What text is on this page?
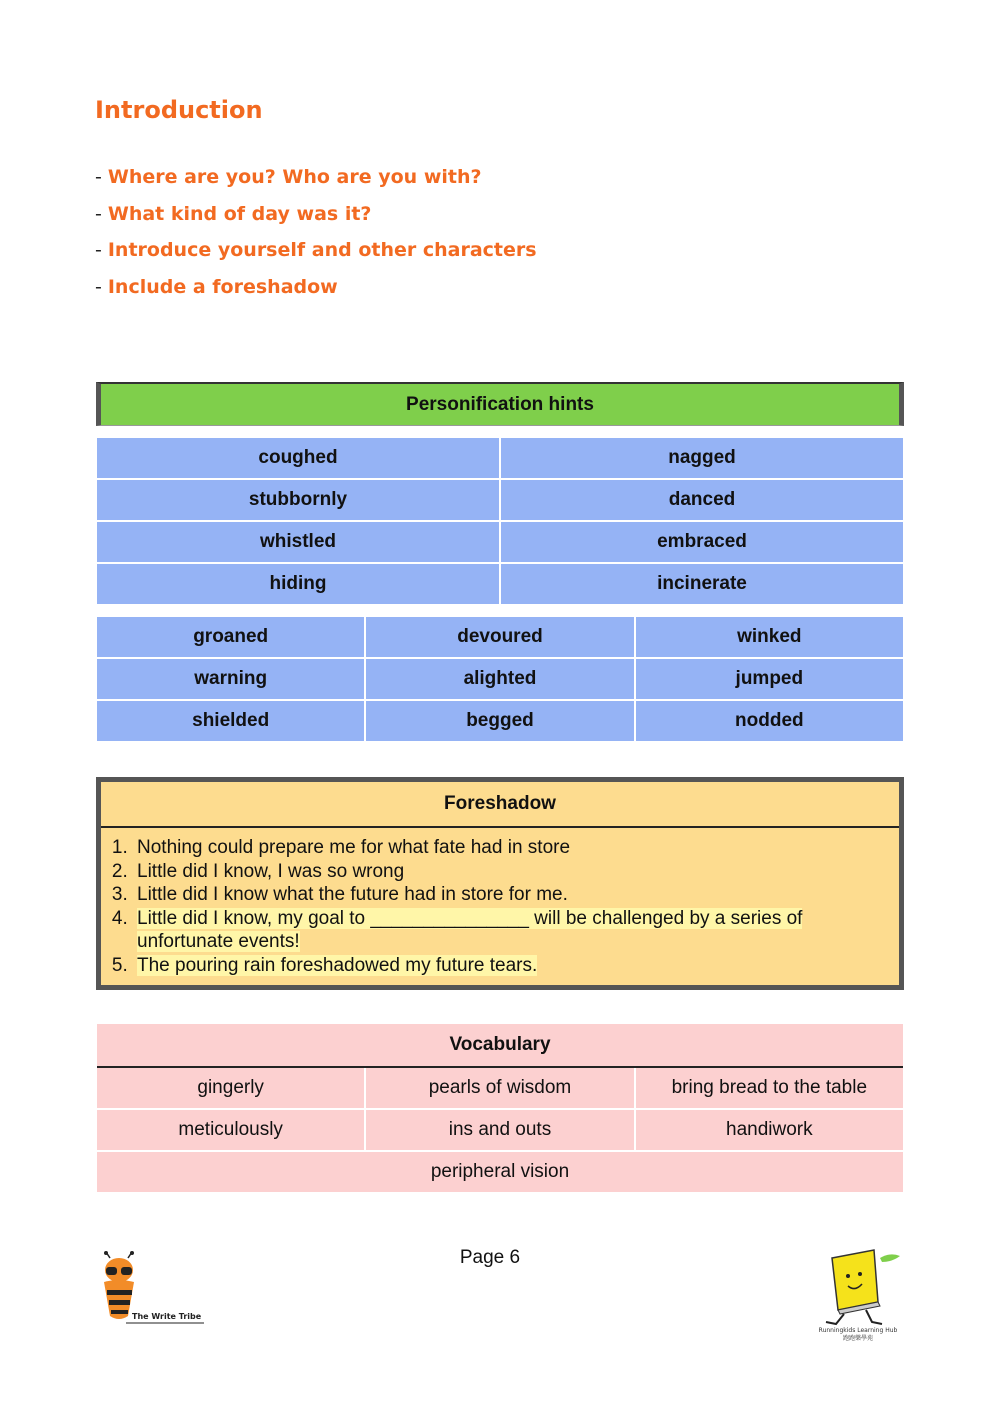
Introduction
- Where are you? Who are you with?
- What kind of day was it?
- Introduce yourself and other characters
- Include a foreshadow
Personification hints
coughed	nagged
stubbornly	danced
whistled	embraced
hiding	incinerate
groaned	devoured	winked
warning	alighted	jumped
shielded	begged	nodded
Foreshadow
1. Nothing could prepare me for what fate had in store
2. Little did I know, I was so wrong
3. Little did I know what the future had in store for me.
4. Little did I know, my goal to _______________ will be challenged by a series of unfortunate events!
5. The pouring rain foreshadowed my future tears.
Vocabulary
gingerly	pearls of wisdom	bring bread to the table
meticulously	ins and outs	handiwork
peripheral vision
Page 6
The Write Tribe
Runningkids Learning Hub
跑跑樂學苑
